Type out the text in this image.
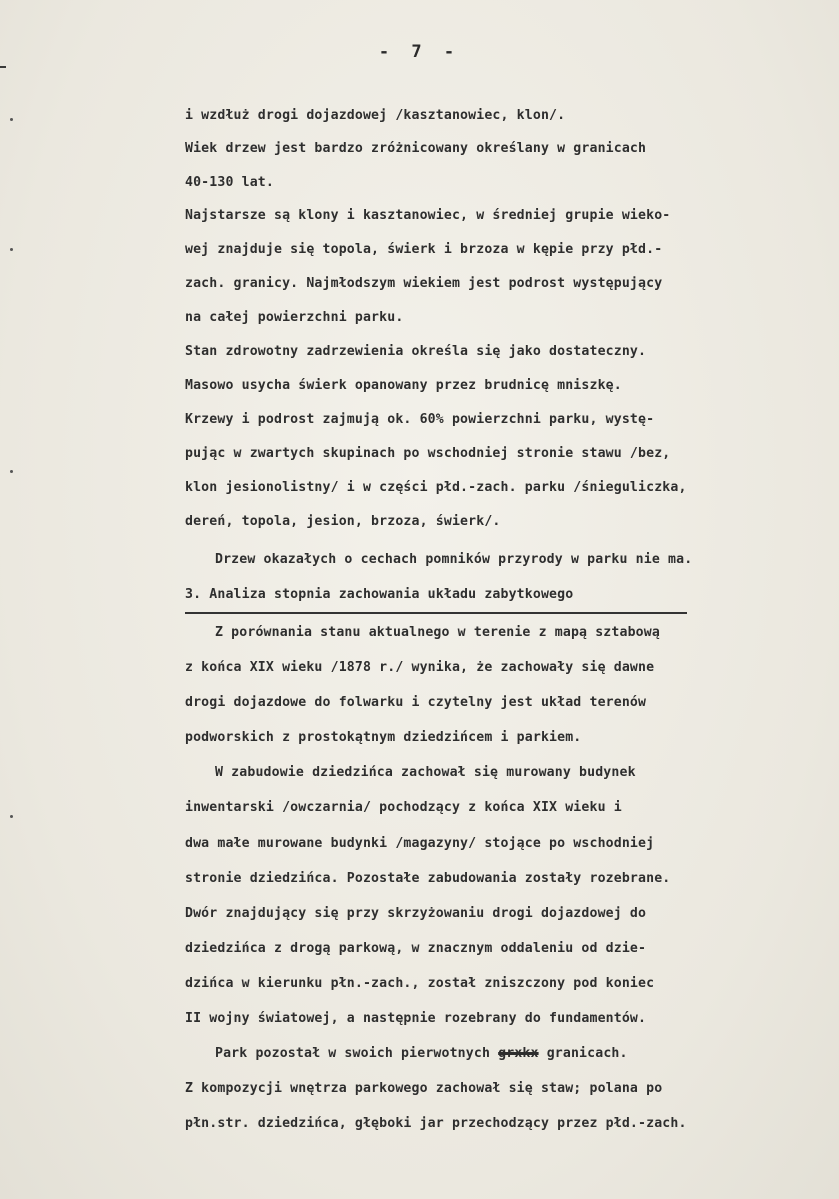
- 7 -
i wzdłuż drogi dojazdowej /kasztanowiec, klon/.
Wiek drzew jest bardzo zróżnicowany określany w granicach
40-130 lat.
Najstarsze są klony i kasztanowiec, w średniej grupie wieko-
wej znajduje się topola, świerk i brzoza w kępie przy płd.-
zach. granicy. Najmłodszym wiekiem jest podrost występujący
na całej powierzchni parku.
Stan zdrowotny zadrzewienia określa się jako dostateczny.
Masowo usycha świerk opanowany przez brudnicę mniszkę.
Krzewy i podrost zajmują ok. 60% powierzchni parku, wystę-
pując w zwartych skupinach po wschodniej stronie stawu /bez,
klon jesionolistny/ i w części płd.-zach. parku /śnieguliczka,
dereń, topola, jesion, brzoza, świerk/.
Drzew okazałych o cechach pomników przyrody w parku nie ma.
3. Analiza stopnia zachowania układu zabytkowego
Z porównania stanu aktualnego w terenie z mapą sztabową
z końca XIX wieku /1878 r./ wynika, że zachowały się dawne
drogi dojazdowe do folwarku i czytelny jest układ terenów
podworskich z prostokątnym dziedzińcem i parkiem.
W zabudowie dziedzińca zachował się murowany budynek
inwentarski /owczarnia/ pochodzący z końca XIX wieku i
dwa małe murowane budynki /magazyny/ stojące po wschodniej
stronie dziedzińca. Pozostałe zabudowania zostały rozebrane.
Dwór znajdujący się przy skrzyżowaniu drogi dojazdowej do
dziedzińca z drogą parkową, w znacznym oddaleniu od dzie-
dzińca w kierunku płn.-zach., został zniszczony pod koniec
II wojny światowej, a następnie rozebrany do fundamentów.
Park pozostał w swoich pierwotnych grxkx granicach.
Z kompozycji wnętrza parkowego zachował się staw; polana po
płn.str. dziedzińca, głęboki jar przechodzący przez płd.-zach.
